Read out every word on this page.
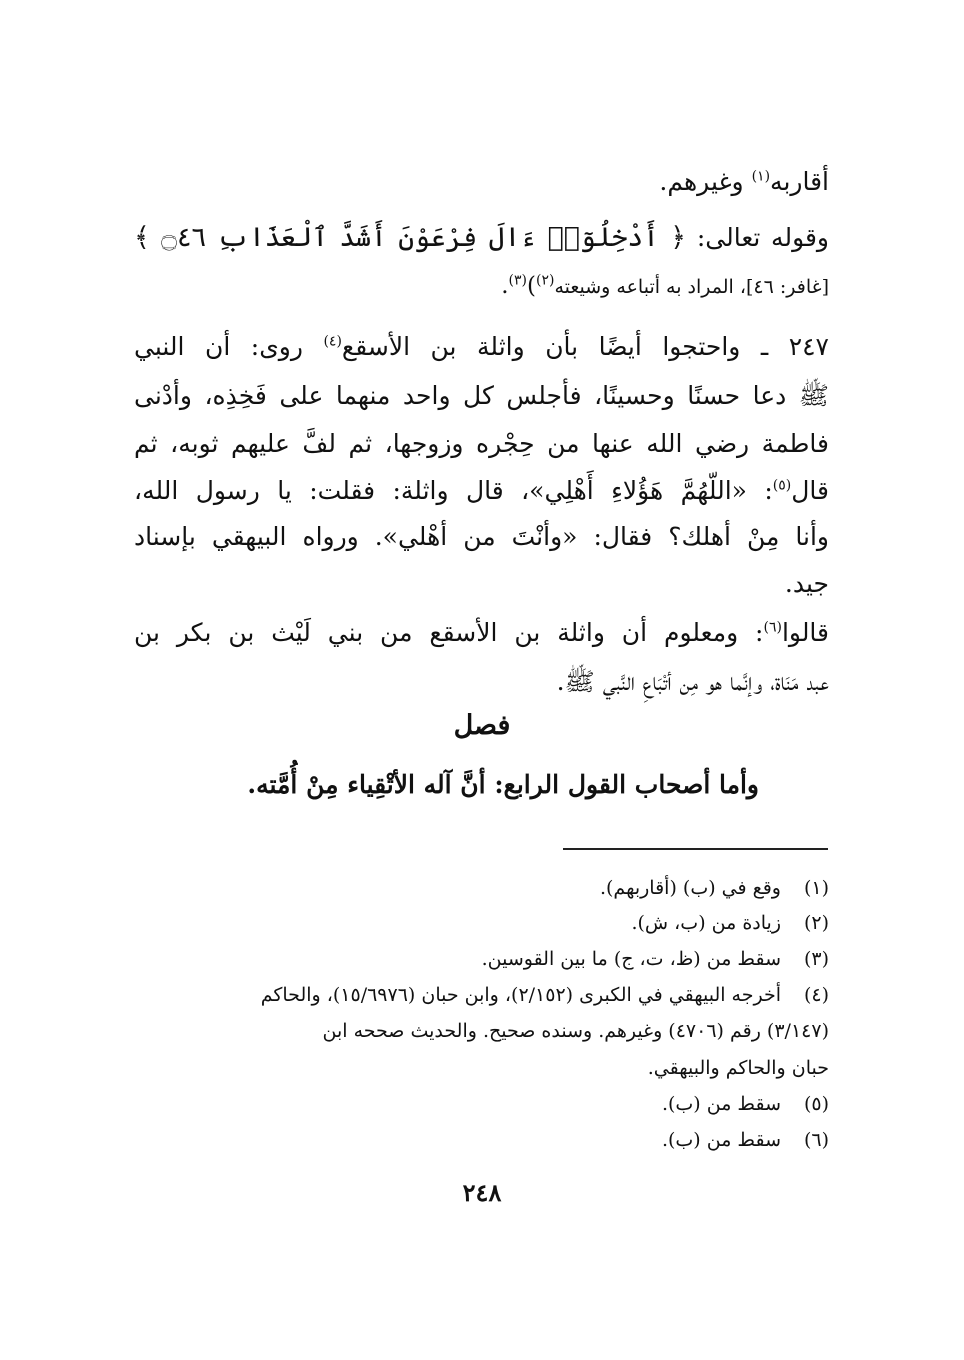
أقاربه$^{(١)}$ وغيرهم.
وقوله تعالى: ﴿ أَدْخِلُوٓا۟ ءَالَ فِرْعَوْنَ أَشَدَّ ٱلْعَذَابِ ۝٤٦ ﴾
[غافر: ٤٦]، المراد به أتباعه وشيعته$^{(٢)}$)$^{(٣)}$.
٢٤٧ ـ واحتجوا أيضًا بأن واثلة بن الأسقع$^{(٤)}$ روى: أن النبي
ﷺ دعا حسنًا وحسينًا، فأجلس كل واحد منهما على فَخِذِه، وأدْنى
فاطمة رضي الله عنها من حِجْره وزوجها، ثم لفَّ عليهم ثوبه، ثم
قال$^{(٥)}$: «اللّهُمَّ هَؤُلاءِ أَهْلِي»، قال واثلة: فقلت: يا رسول الله،
وأنا مِنْ أهلك؟ فقال: «وأنْتَ من أهْلي». ورواه البيهقي بإسناد
جيد.
قالوا$^{(٦)}$: ومعلوم أن واثلة بن الأسقع من بني لَيْث بن بكر بن
عبد مَنَاة، وإنَّما هو مِن أتْبَاعِ النَّبي ﷺ.
فصل
وأما أصحاب القول الرابع: أنَّ آله الأتْقِياء مِنْ أُمَّته.
(١)وقع في (ب) (أقاربهم).
(٢)زيادة من (ب، ش).
(٣)سقط من (ظ، ت، ج) ما بين القوسين.
(٤)أخرجه البيهقي في الكبرى (٢/١٥٢)، وابن حبان (١٥/٦٩٧٦)، والحاكم
(٣/١٤٧) رقم (٤٧٠٦) وغيرهم. وسنده صحيح. والحديث صححه ابن
حبان والحاكم والبيهقي.
(٥)سقط من (ب).
(٦)سقط من (ب).
٢٤٨
